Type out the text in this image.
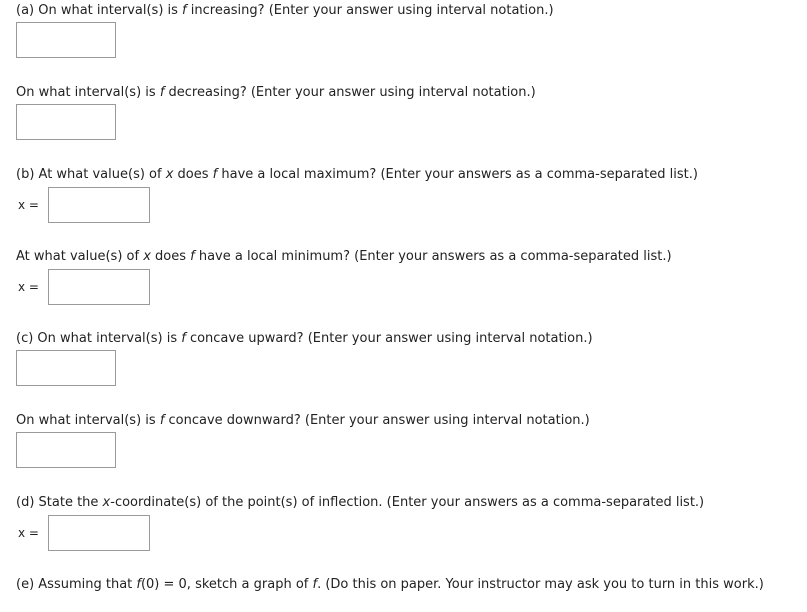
(a) On what interval(s) is f increasing? (Enter your answer using interval notation.)
On what interval(s) is f decreasing? (Enter your answer using interval notation.)
(b) At what value(s) of x does f have a local maximum? (Enter your answers as a comma-separated list.)
x =
At what value(s) of x does f have a local minimum? (Enter your answers as a comma-separated list.)
x =
(c) On what interval(s) is f concave upward? (Enter your answer using interval notation.)
On what interval(s) is f concave downward? (Enter your answer using interval notation.)
(d) State the x-coordinate(s) of the point(s) of inflection. (Enter your answers as a comma-separated list.)
x =
(e) Assuming that f(0) = 0, sketch a graph of f. (Do this on paper. Your instructor may ask you to turn in this work.)
